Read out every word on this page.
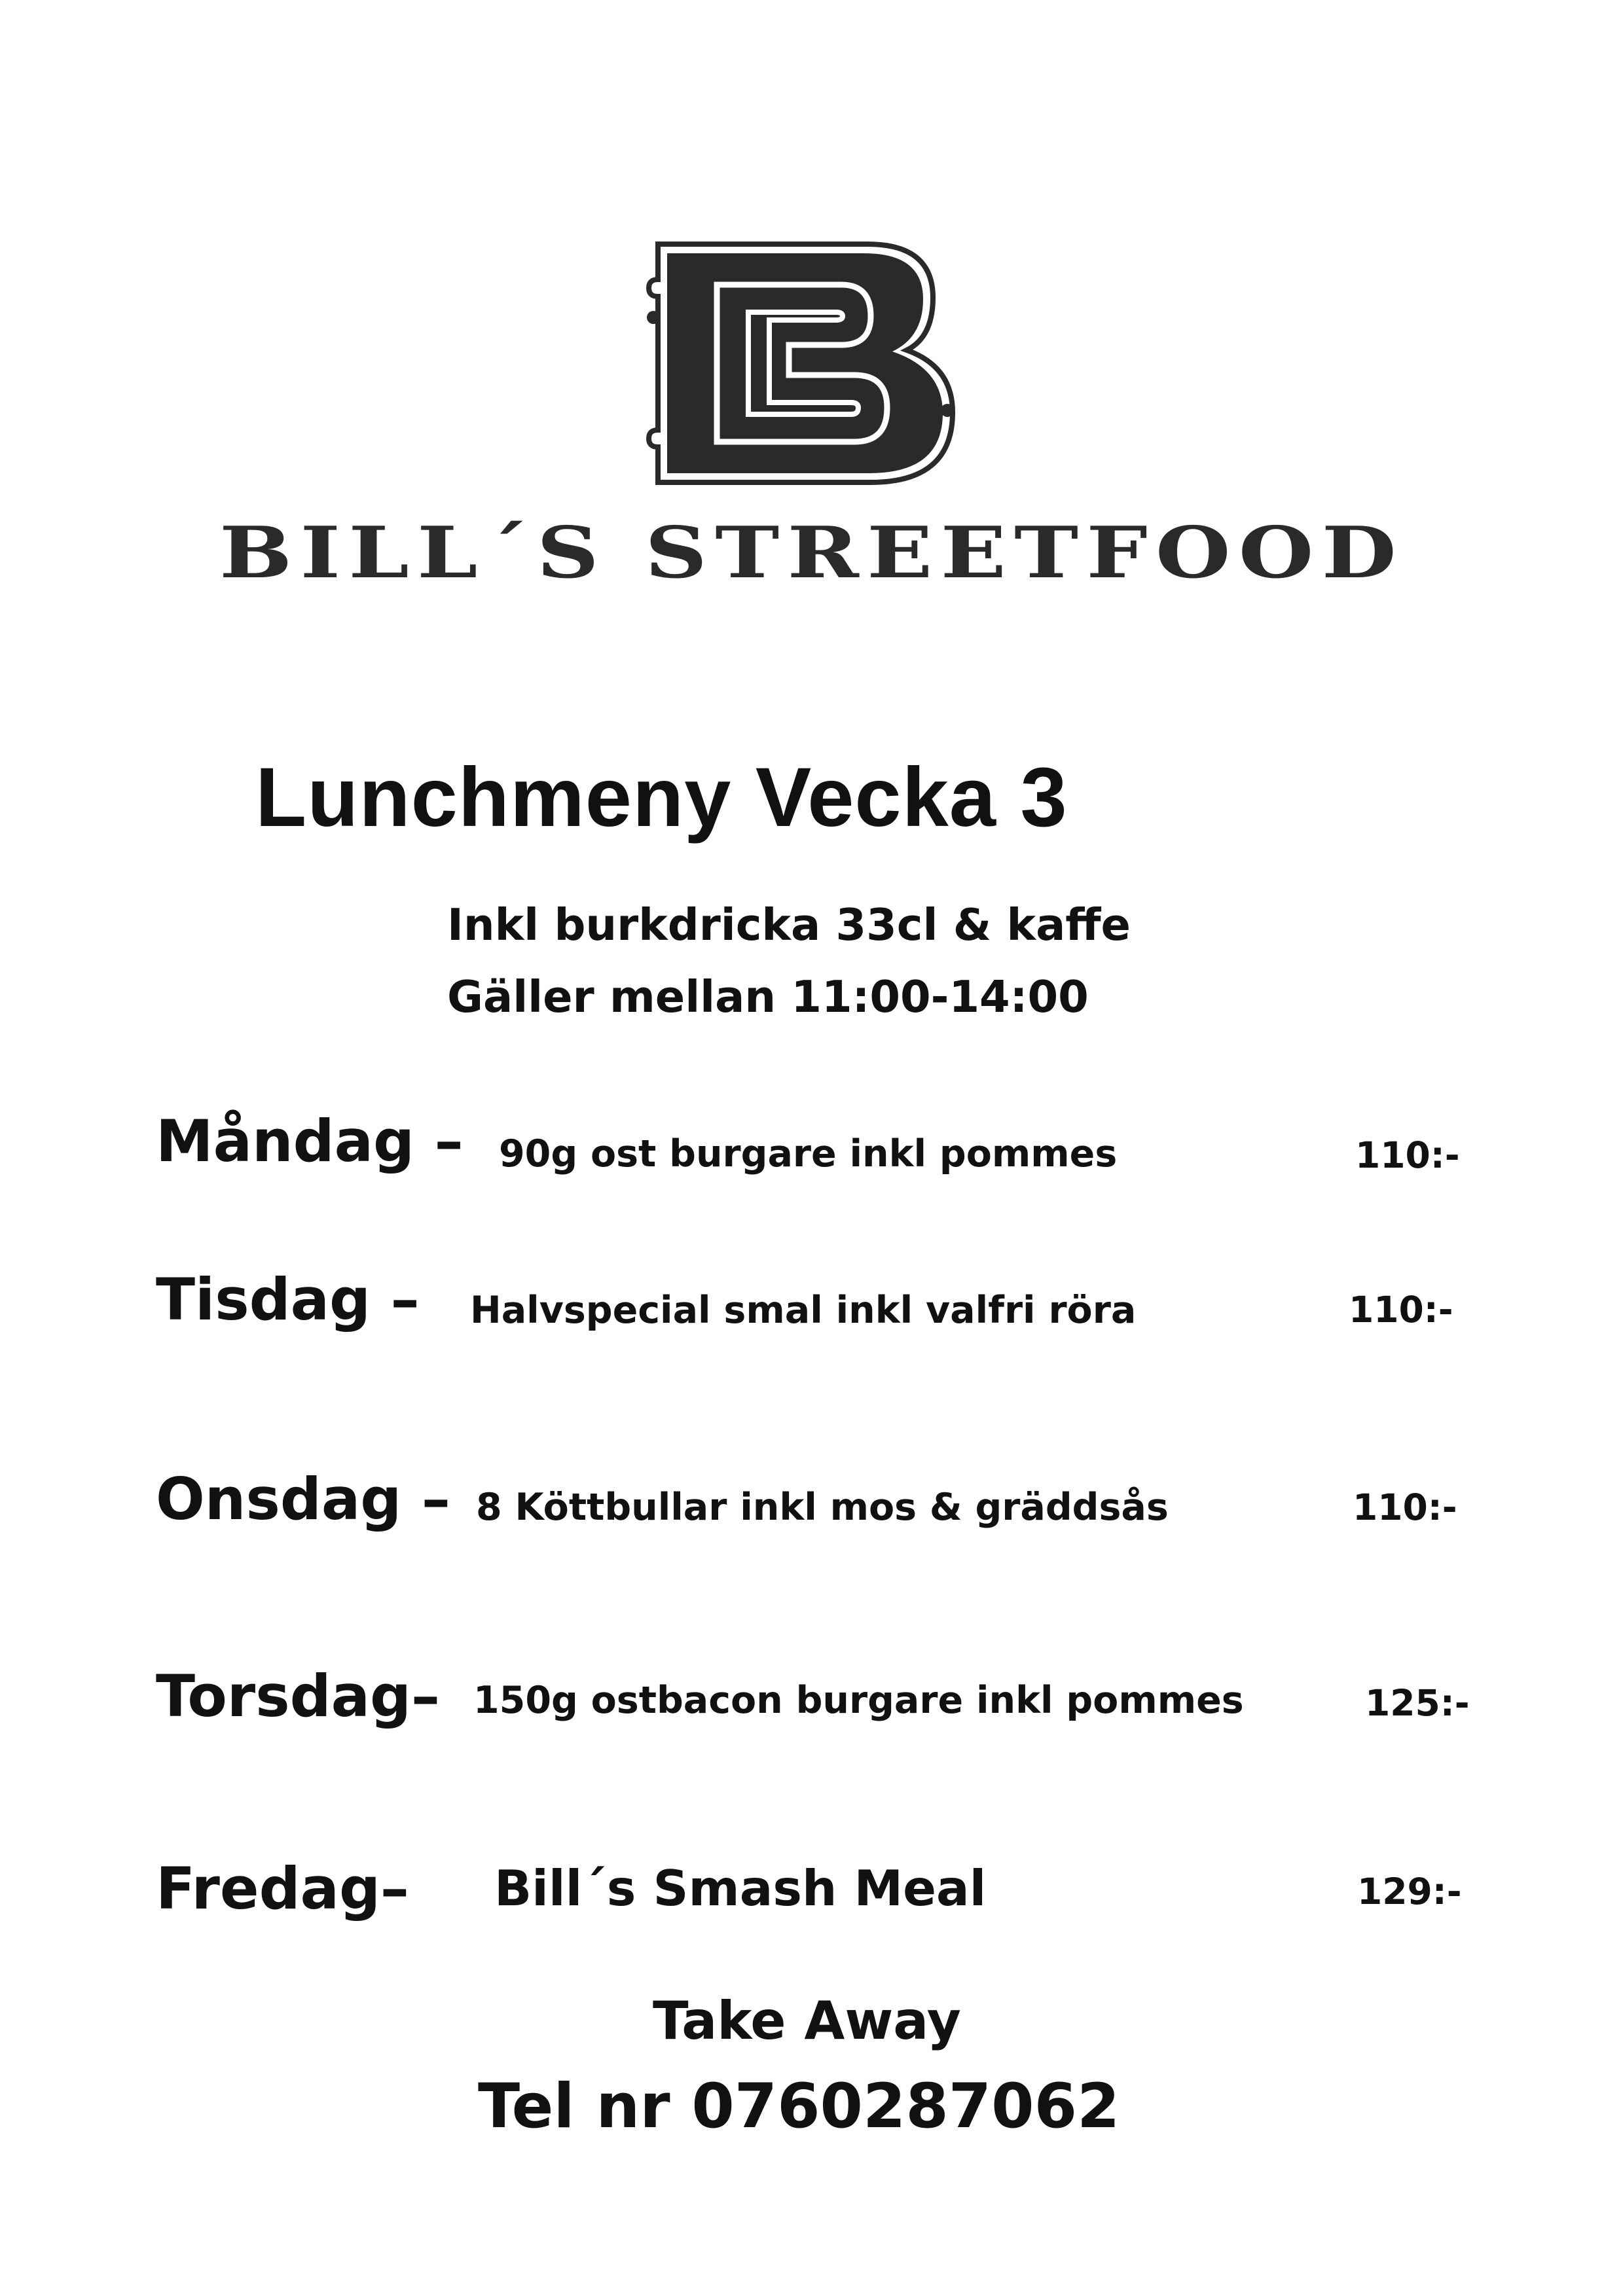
BILL´S STREETFOOD
Lunchmeny Vecka 3
Inkl burkdricka 33cl & kaffe
Gäller mellan 11:00-14:00
Måndag – 90g ost burgare inkl pommes	110:-
Tisdag – Halvspecial smal inkl valfri röra	110:-
Onsdag – 8 Köttbullar inkl mos & gräddsås	110:-
Torsdag– 150g ostbacon burgare inkl pommes	125:-
Fredag– Bill´s Smash Meal	129:-
Take Away
Tel nr 0760287062
